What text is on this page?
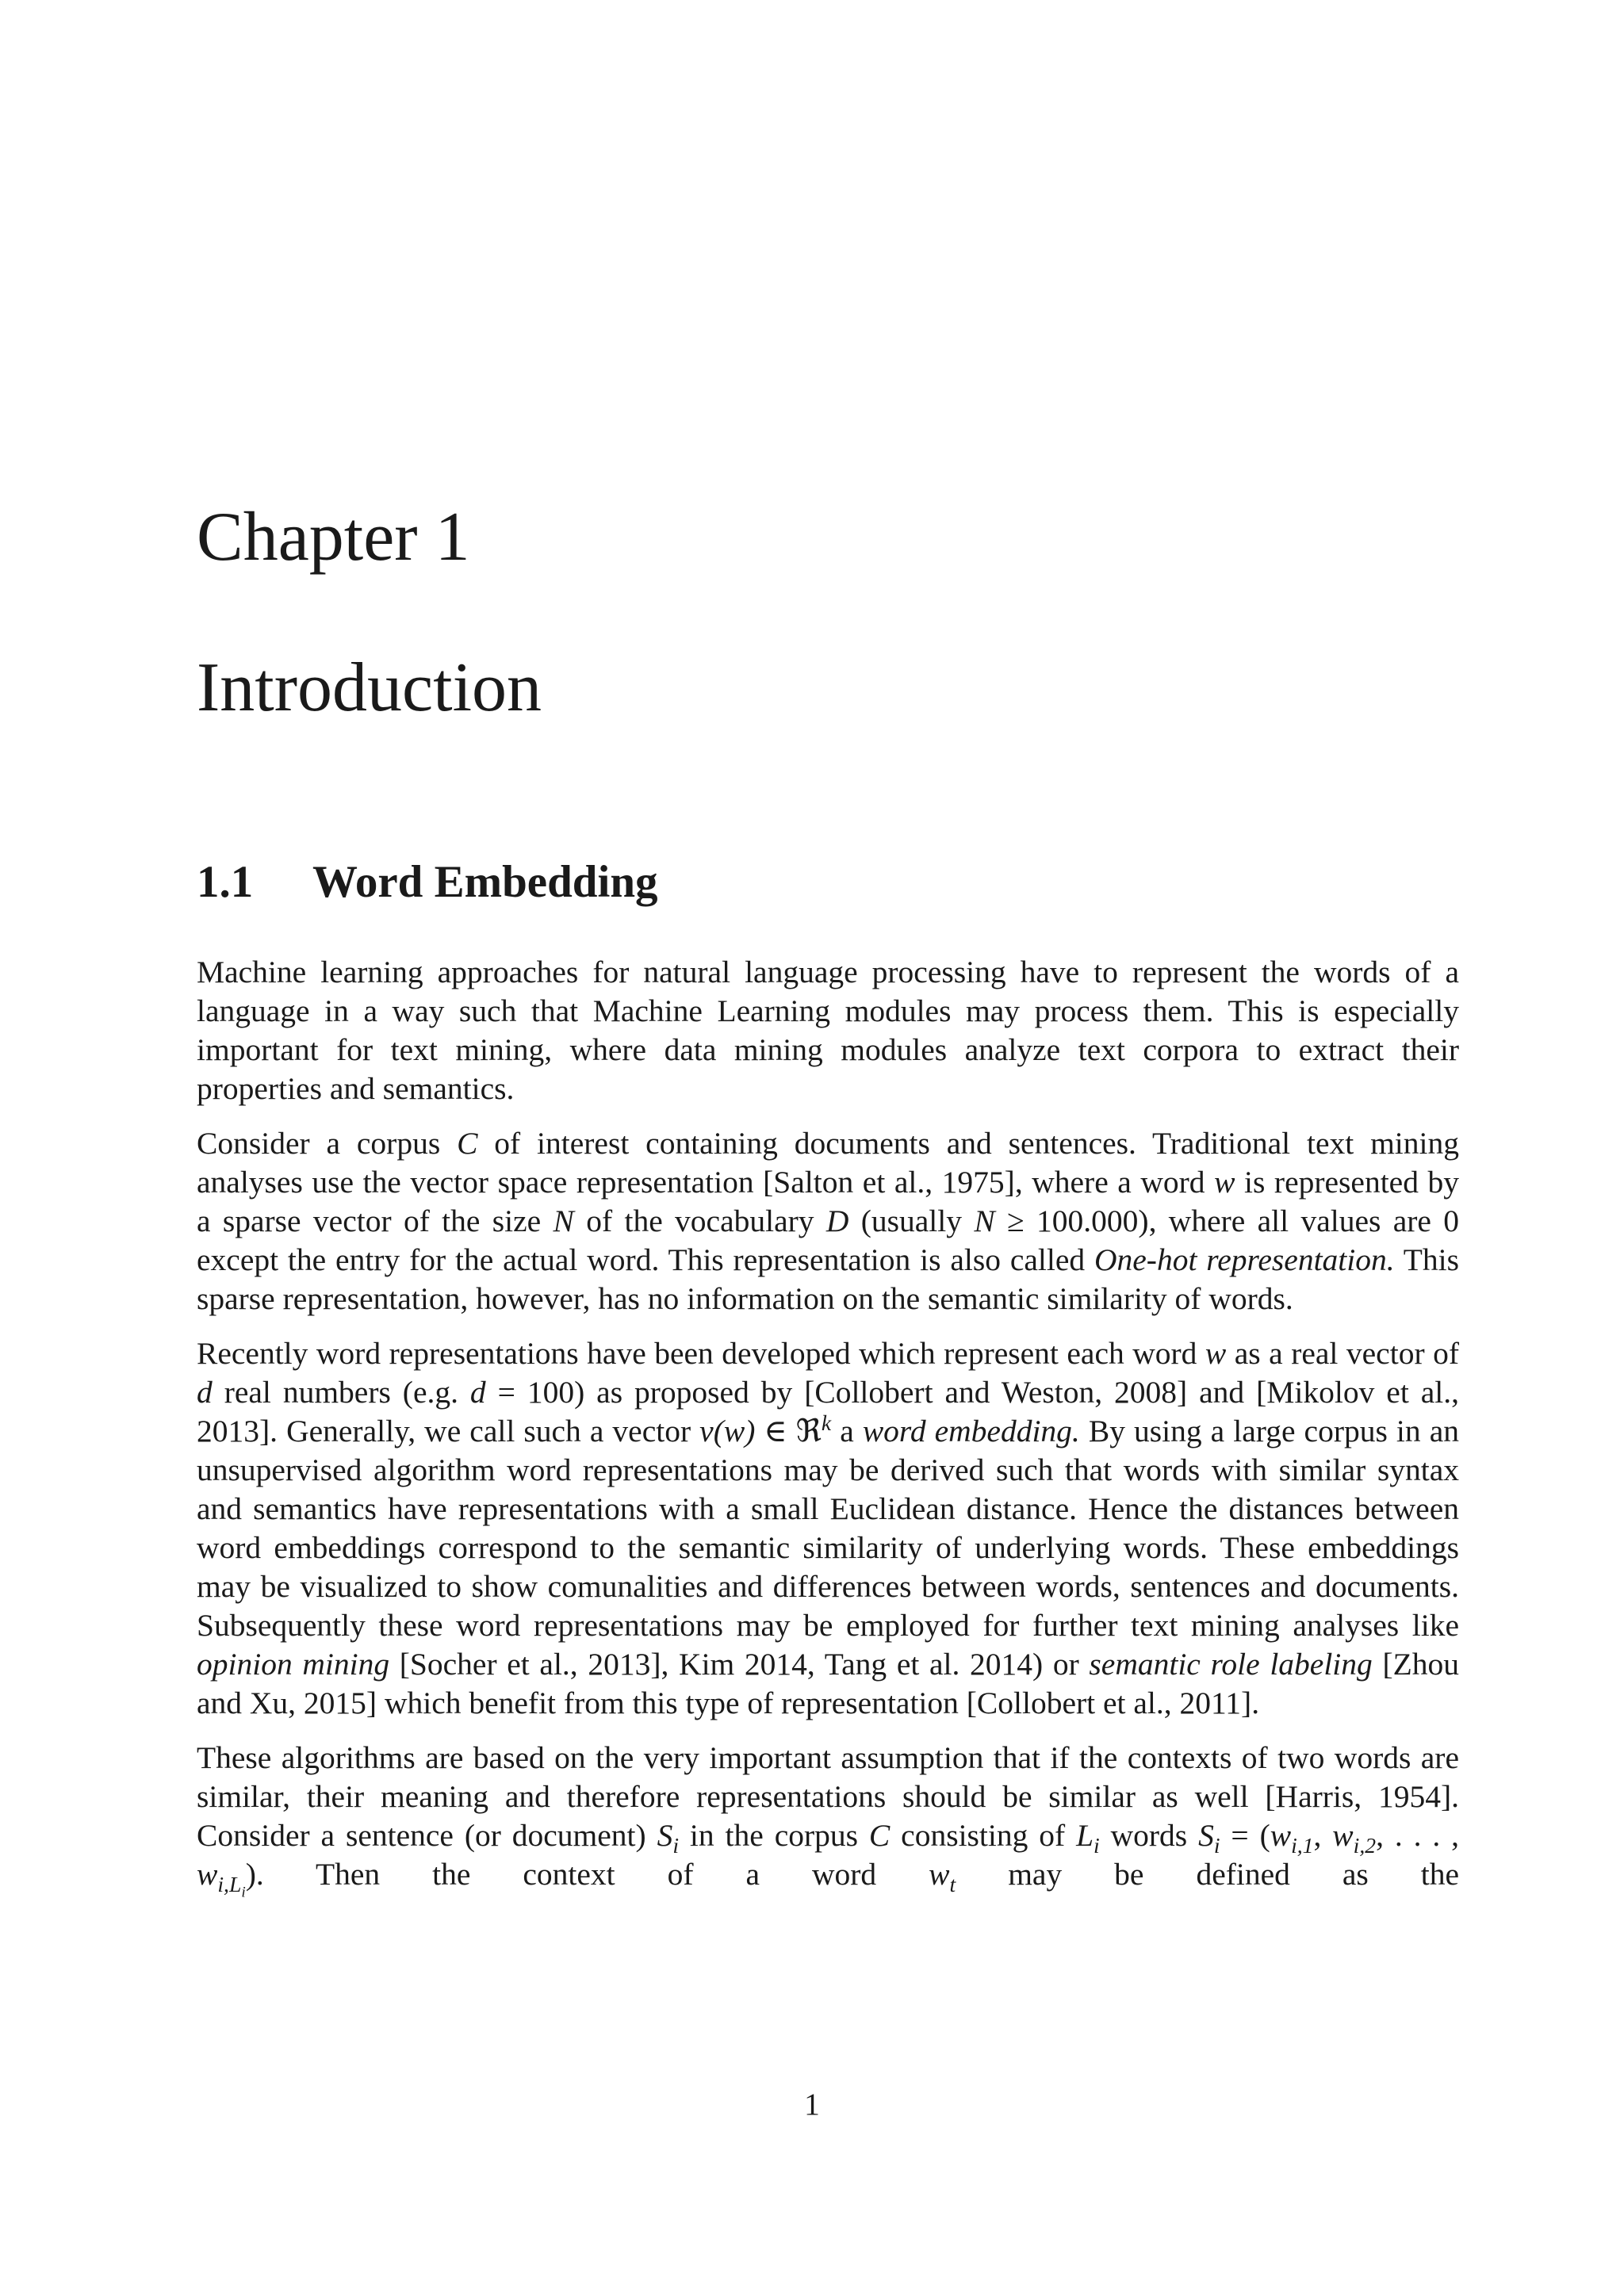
Chapter 1
Introduction
1.1	Word Embedding

Machine learning approaches for natural language processing have to represent the words of a language in a way such that Machine Learning modules may process them. This is especially important for text mining, where data mining modules analyze text corpora to extract their properties and semantics.

Consider a corpus C of interest containing documents and sentences. Traditional text mining analyses use the vector space representation [Salton et al., 1975], where a word w is represented by a sparse vector of the size N of the vocabulary D (usually N ≥ 100.000), where all values are 0 except the entry for the actual word. This representation is also called One-hot representation. This sparse representation, however, has no information on the semantic similarity of words.

Recently word representations have been developed which represent each word w as a real vector of d real numbers (e.g. d = 100) as proposed by [Collobert and Weston, 2008] and [Mikolov et al., 2013]. Generally, we call such a vector v(w) ∈ ℜ$^k$ a word embedding. By using a large corpus in an unsupervised algorithm word representations may be derived such that words with similar syntax and semantics have representations with a small Euclidean distance. Hence the distances between word embeddings correspond to the semantic similarity of underlying words. These embeddings may be visualized to show comunalities and differences between words, sentences and documents. Subsequently these word representations may be employed for further text mining analyses like opinion mining [Socher et al., 2013], Kim 2014, Tang et al. 2014) or semantic role labeling [Zhou and Xu, 2015] which benefit from this type of representation [Collobert et al., 2011].

These algorithms are based on the very important assumption that if the contexts of two words are similar, their meaning and therefore representations should be similar as well [Harris, 1954]. Consider a sentence (or document) $S_i$ in the corpus C consisting of $L_i$ words $S_i = (w_{i,1}$, $w_{i,2}$, . . . , $w_{i,L_i}$). Then the context of a word $w_t$ may be defined as the

1
